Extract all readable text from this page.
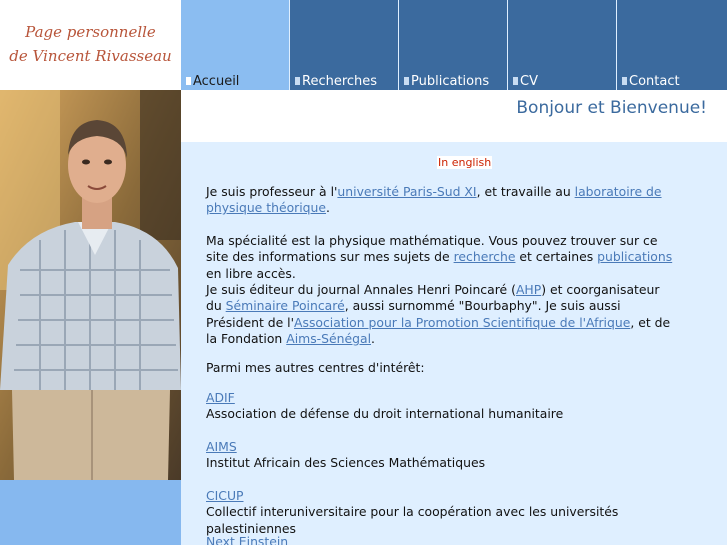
Page personnelle
de Vincent Rivasseau
Accueil	Recherches	Publications CV	Contact
Bonjour et Bienvenue!
In english
Je suis professeur à l'université Paris-Sud XI, et travaille au laboratoire de physique théorique.
Ma spécialité est la physique mathématique. Vous pouvez trouver sur ce site des informations sur mes sujets de recherche et certaines publications en libre accès.
Je suis éditeur du journal Annales Henri Poincaré (AHP) et coorganisateur du Séminaire Poincaré, aussi surnommé "Bourbaphy". Je suis aussi Président de l'Association pour la Promotion Scientifique de l'Afrique, et de la Fondation Aims-Sénégal.
Parmi mes autres centres d'intérêt:
ADIF
Association de défense du droit international humanitaire
AIMS
Institut Africain des Sciences Mathématiques
CICUP
Collectif interuniversitaire pour la coopération avec les universités palestiniennes
Next Einstein
